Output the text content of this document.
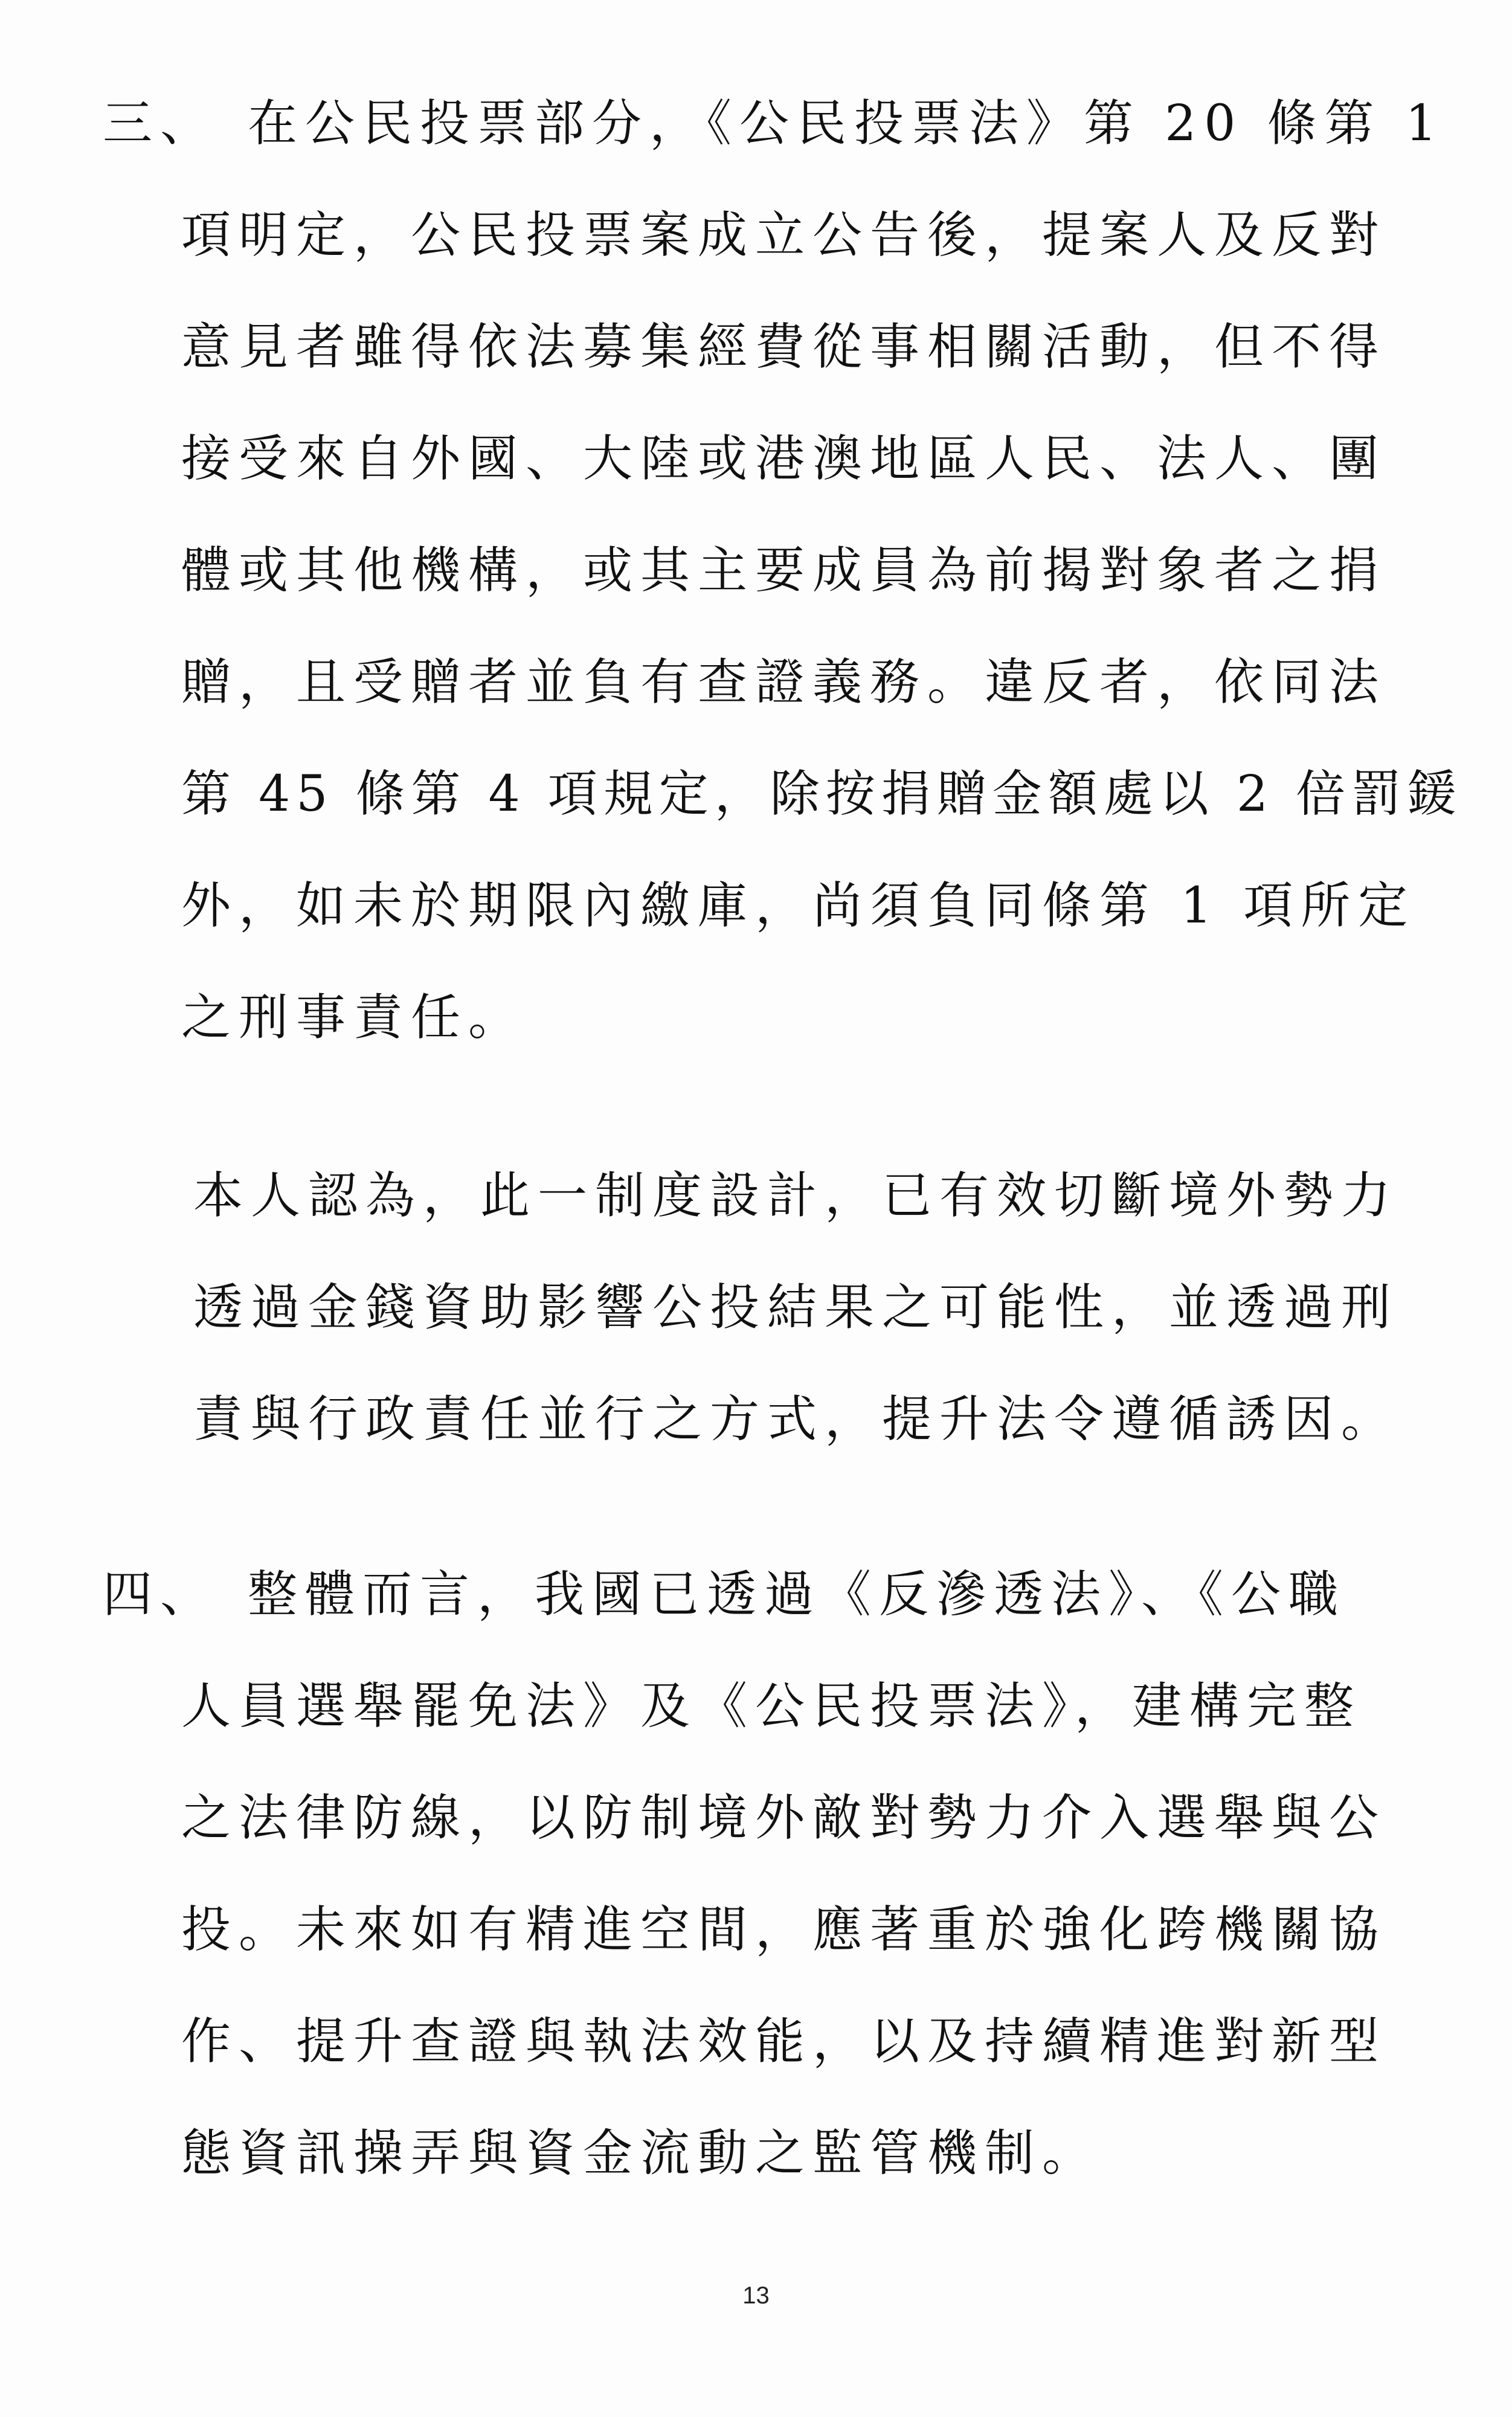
三、 在公民投票部分，《公民投票法》第 20 條第 1
項明定，公民投票案成立公告後，提案人及反對
意見者雖得依法募集經費從事相關活動，但不得
接受來自外國、大陸或港澳地區人民、法人、團
體或其他機構，或其主要成員為前揭對象者之捐
贈，且受贈者並負有查證義務。違反者，依同法
第 45 條第 4 項規定，除按捐贈金額處以 2 倍罰鍰
外，如未於期限內繳庫，尚須負同條第 1 項所定
之刑事責任。
本人認為，此一制度設計，已有效切斷境外勢力
透過金錢資助影響公投結果之可能性，並透過刑
責與行政責任並行之方式，提升法令遵循誘因。
四、 整體而言，我國已透過《反滲透法》、《公職
人員選舉罷免法》及《公民投票法》，建構完整
之法律防線，以防制境外敵對勢力介入選舉與公
投。未來如有精進空間，應著重於強化跨機關協
作、提升查證與執法效能，以及持續精進對新型
態資訊操弄與資金流動之監管機制。
13
